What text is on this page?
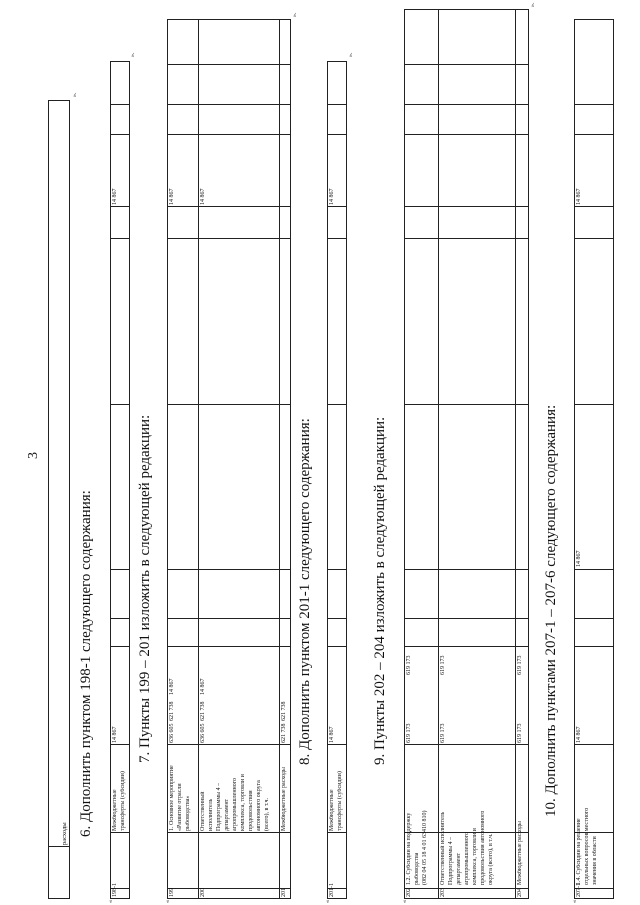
3
расходы
».
6. Дополнить пунктом 198-1 следующего содержания:
«
198-1
Межбюджетные трансферты (субсидии)
14 867
14 867
».
7. Пункты 199 – 201 изложить в следующей редакции:
«
199
1. Основное мероприятие «Развитие отрасли рыбоводства»
636 605
621 738
14 867
14 867
200
Ответственный исполнитель Подпрограммы 4 – департамент агропромышленного комплекса, торговли и продовольствия автономного округа (всего), в т.ч.
636 605
621 738
14 867
14 867
201
Межбюджетные расходы
621 738
621 738
».
8. Дополнить пунктом 201-1 следующего содержания:
«
201-1
Межбюджетные трансферты (субсидии)
14 867
14 867
».
9. Пункты 202 – 204 изложить в следующей редакции:
«
202
1.2. Субсидии на поддержку рыбоводства (082 04 05 18 4 01 63410 810)
619 173
619 173
203
Ответственный исполнитель Подпрограммы 4 – департамент агропромышленного комплекса, торговли и продовольствия автономного округа (всего), в т.ч.
619 173
619 173
204
Межбюджетные расходы
619 173
619 173
».
10. Дополнить пунктами 207-1 – 207-6 следующего содержания:
«
207-1
1.4. Субсидии на решение отдельных вопросов местного значения в области
14 867
14 867
14 867
